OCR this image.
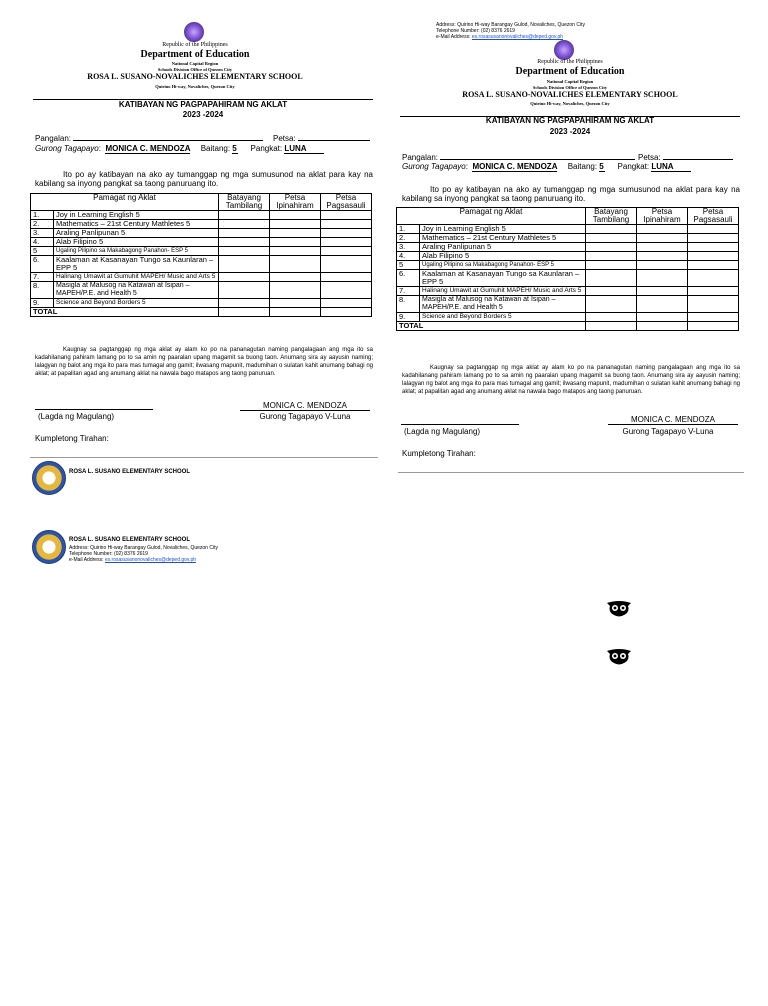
Republic of the Philippines
Department of Education
National Capital Region
Schools Division Office of Quezon City
ROSA L. SUSANO-NOVALICHES ELEMENTARY SCHOOL
Quirino Hi-way, Novaliches, Quezon City
KATIBAYAN NG PAGPAPAHIRAM NG AKLAT
2023 -2024
Pangalan:	Petsa:
Gurong Tagapayo:  MONICA C. MENDOZA Baitang: 5 Pangkat: LUNA
Ito po ay katibayan na ako ay tumanggap ng mga sumusunod na aklat para kay na kabilang sa inyong pangkat sa taong panuruang ito.
Pamagat ng Aklat		Batayang Tambilang	Petsa Ipinahiram	Petsa Pagsasauli
1.	Joy in Learning English 5			
2.	Mathematics – 21st Century Mathletes 5			
3.	Araling Panlipunan 5			
4.	Alab Filipino 5			
5	Ugaling Pilipino sa Makabagong Panahon- ESP 5			
6.	Kaalaman at Kasanayan Tungo sa Kaunlaran – EPP 5			
7.	Halinang Umawit at Gumuhit MAPEH/ Music and Arts 5			
8.	Masigla at Malusog na Katawan at Isipan – MAPEH/P.E. and Health 5			
9.	Science and Beyond Borders 5			
TOTAL				
Kaugnay sa pagtanggap ng mga aklat ay alam ko po na pananagutan naming pangalagaan ang mga ito sa kadahilanang pahiram lamang po to sa amin ng paaralan upang magamit sa buong taon. Anumang sira ay aayusin naming; lalagyan ng balot ang mga ito para mas tumagal ang gamit; ilwasang mapunit, madumihan o sulatan kahit anumang bahagi ng aklat; at papalitan agad ang anumang aklat na nawala bago matapos ang taong panuruan.
(Lagda ng Magulang)
MONICA C. MENDOZA
Gurong Tagapayo V-Luna
Kumpletong Tirahan:
ROSA L. SUSANO ELEMENTARY SCHOOL
ROSA L. SUSANO ELEMENTARY SCHOOL
Address: Quirino Hi-way Barangay Gulod, Novaliches, Quezon City
Telephone Number: (02) 8376 2619
e-Mail Address: es.rosasusanonovaliches@deped.gov.ph
Address: Quirino Hi-way Barangay Gulod, Novaliches, Quezon City
Telephone Number: (02) 8376 2619
e-Mail Address: es.rosasusanonovaliches@deped.gov.ph
Republic of the Philippines
Department of Education
National Capital Region
Schools Division Office of Quezon City
ROSA L. SUSANO-NOVALICHES ELEMENTARY SCHOOL
Quirino Hi-way, Novaliches, Quezon City
KATIBAYAN NG PAGPAPAHIRAM NG AKLAT
2023 -2024
Pangalan:	Petsa:
Gurong Tagapayo:  MONICA C. MENDOZA Baitang: 5 Pangkat: LUNA
Ito po ay katibayan na ako ay tumanggap ng mga sumusunod na aklat para kay na kabilang sa inyong pangkat sa taong panuruang ito.
Pamagat ng Aklat		Batayang Tambilang	Petsa Ipinahiram	Petsa Pagsasauli
1.	Joy in Learning English 5			
2.	Mathematics – 21st Century Mathletes 5			
3.	Araling Panlipunan 5			
4.	Alab Filipino 5			
5	Ugaling Pilipino sa Makabagong Panahon- ESP 5			
6.	Kaalaman at Kasanayan Tungo sa Kaunlaran – EPP 5			
7.	Halinang Umawit at Gumuhit MAPEH/ Music and Arts 5			
8.	Masigla at Malusog na Katawan at Isipan – MAPEH/P.E. and Health 5			
9.	Science and Beyond Borders 5			
TOTAL				
Kaugnay sa pagtanggap ng mga aklat ay alam ko po na pananagutan naming pangalagaan ang mga ito sa kadahilanang pahiram lamang po to sa amin ng paaralan upang magamit sa buong taon. Anumang sira ay aayusin naming; lalagyan ng balot ang mga ito para mas tumagal ang gamit; ilwasang mapunit, madumihan o sulatan kahit anumang bahagi ng aklat; at papalitan agad ang anumang aklat na nawala bago matapos ang taong panuruan.
(Lagda ng Magulang)
MONICA C. MENDOZA
Gurong Tagapayo V-Luna
Kumpletong Tirahan:
